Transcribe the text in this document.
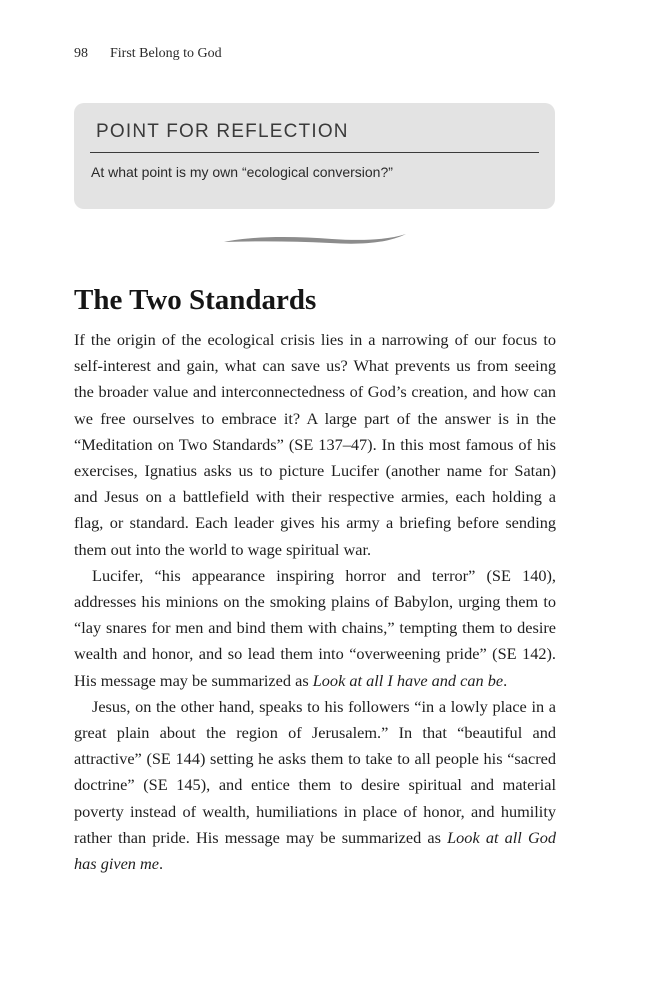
98 First Belong to God
POINT FOR REFLECTION
At what point is my own “ecological conversion?”
The Two Standards

If the origin of the ecological crisis lies in a narrowing of our focus to self-interest and gain, what can save us? What prevents us from seeing the broader value and interconnectedness of God’s creation, and how can we free ourselves to embrace it? A large part of the answer is in the “Meditation on Two Standards” (SE 137–47). In this most famous of his exercises, Ignatius asks us to picture Lucifer (another name for Satan) and Jesus on a battlefield with their respective armies, each holding a flag, or standard. Each leader gives his army a briefing before sending them out into the world to wage spiritual war.

Lucifer, “his appearance inspiring horror and terror” (SE 140), addresses his minions on the smoking plains of Babylon, urging them to “lay snares for men and bind them with chains,” tempting them to desire wealth and honor, and so lead them into “overweening pride” (SE 142). His message may be summarized as Look at all I have and can be.

Jesus, on the other hand, speaks to his followers “in a lowly place in a great plain about the region of Jerusalem.” In that “beautiful and attractive” (SE 144) setting he asks them to take to all people his “sacred doctrine” (SE 145), and entice them to desire spiritual and material poverty instead of wealth, humiliations in place of honor, and humility rather than pride. His message may be summarized as Look at all God has given me.
